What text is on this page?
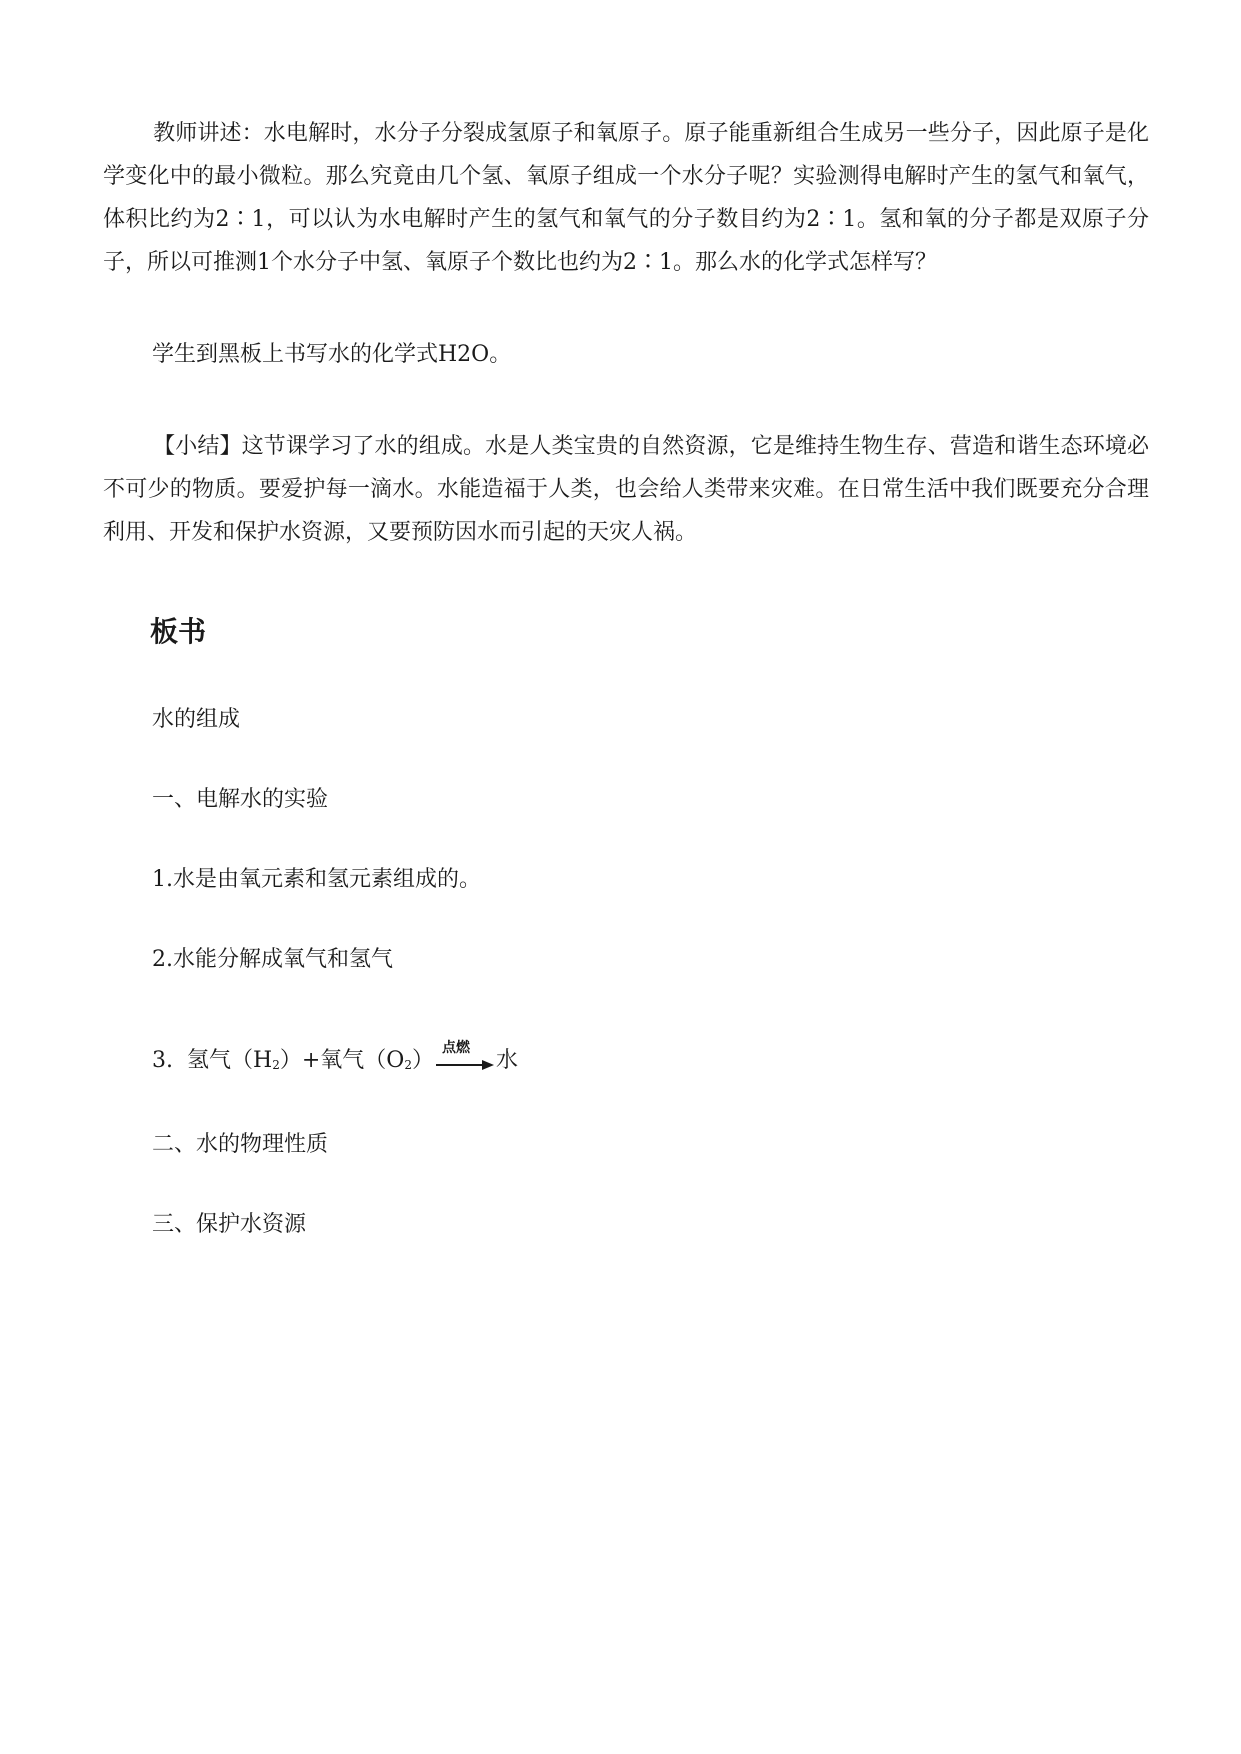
教师讲述：水电解时，水分子分裂成氢原子和氧原子。原子能重新组合生成另一些分子，因此原子是化学变化中的最小微粒。那么究竟由几个氢、氧原子组成一个水分子呢？实验测得电解时产生的氢气和氧气，体积比约为2∶1，可以认为水电解时产生的氢气和氧气的分子数目约为2∶1。氢和氧的分子都是双原子分子，所以可推测1个水分子中氢、氧原子个数比也约为2∶1。那么水的化学式怎样写？

学生到黑板上书写水的化学式H2O。

【小结】这节课学习了水的组成。水是人类宝贵的自然资源，它是维持生物生存、营造和谐生态环境必不可少的物质。要爱护每一滴水。水能造福于人类，也会给人类带来灾难。在日常生活中我们既要充分合理利用、开发和保护水资源，又要预防因水而引起的天灾人祸。

板书

水的组成

一、电解水的实验

1.水是由氧元素和氢元素组成的。

2.水能分解成氧气和氢气

3. 氢气（$H_2$ ）+氧气（$O_2$ ） 点燃 水

二、水的物理性质

三、保护水资源
